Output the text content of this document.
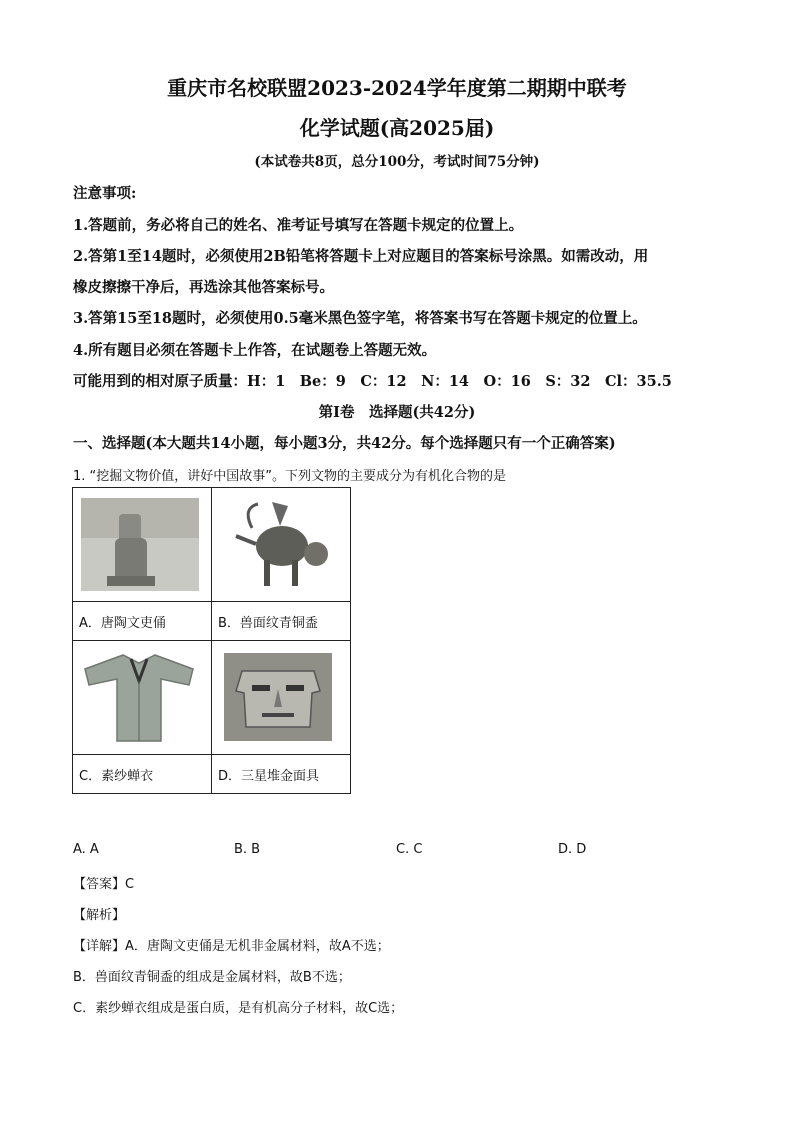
重庆市名校联盟2023-2024学年度第二期期中联考
化学试题(高2025届)
(本试卷共8页，总分100分，考试时间75分钟)
注意事项:
1.答题前，务必将自己的姓名、准考证号填写在答题卡规定的位置上。
2.答第1至14题时，必须使用2B铅笔将答题卡上对应题目的答案标号涂黑。如需改动，用
橡皮擦擦干净后，再选涂其他答案标号。
3.答第15至18题时，必须使用0.5毫米黑色签字笔，将答案书写在答题卡规定的位置上。
4.所有题目必须在答题卡上作答，在试题卷上答题无效。
可能用到的相对原子质量：H：1　Be：9　C：12　N：14　O：16　S：32　Cl：35.5
第Ⅰ卷　选择题(共42分)
一、选择题(本大题共14小题，每小题3分，共42分。每个选择题只有一个正确答案)
1. “挖掘文物价值，讲好中国故事”。下列文物的主要成分为有机化合物的是

A．唐陶文吏俑	B．兽面纹青铜盉

C．素纱蝉衣	D．三星堆金面具
A. A	B. B	C. C	D. D
【答案】C
【解析】
【详解】A．唐陶文吏俑是无机非金属材料，故A不选；
B．兽面纹青铜盉的组成是金属材料，故B不选；
C．素纱蝉衣组成是蛋白质，是有机高分子材料，故C选；
